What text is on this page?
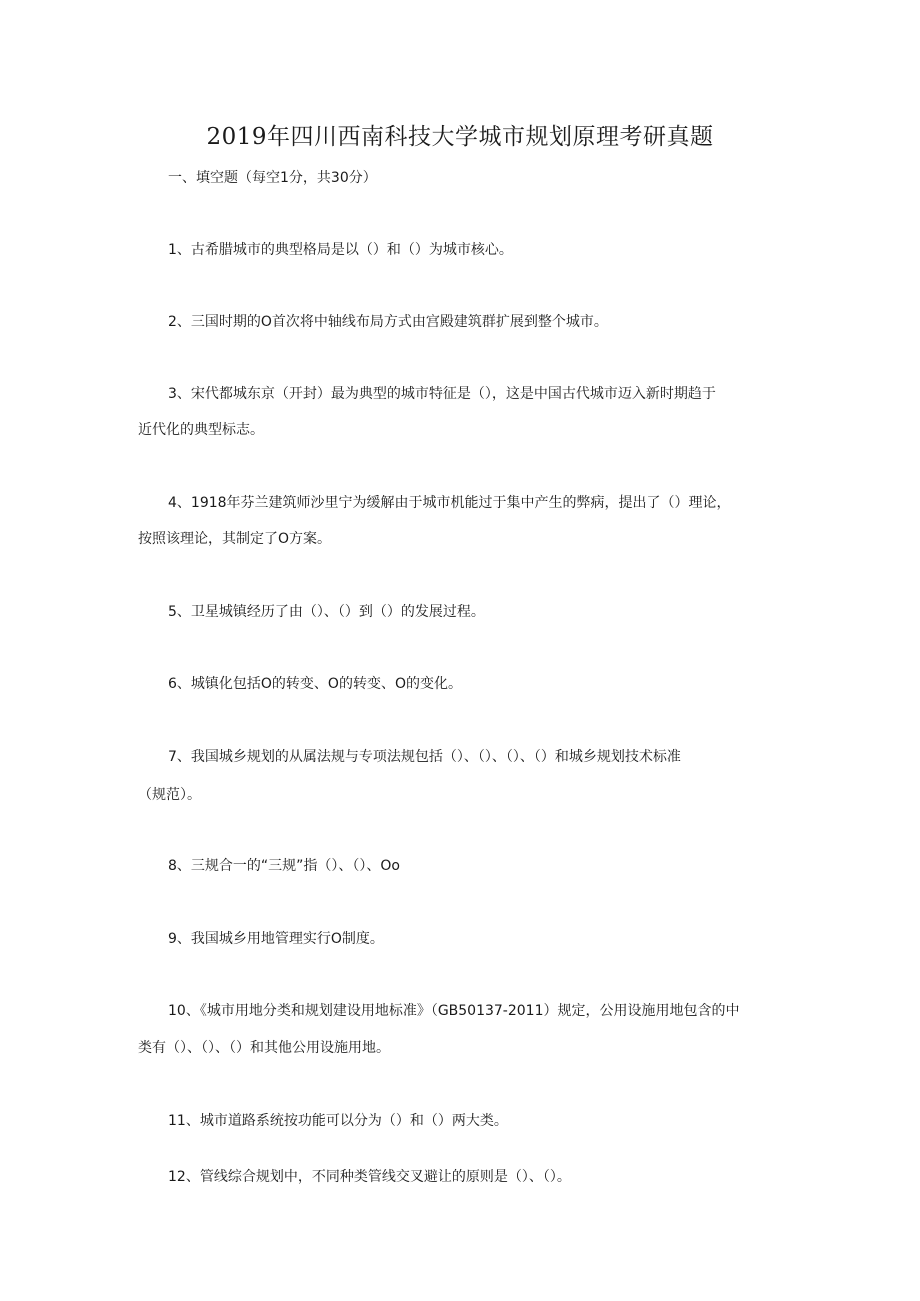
2019年四川西南科技大学城市规划原理考研真题
一、填空题（每空1分，共30分）
1、古希腊城市的典型格局是以（）和（）为城市核心。
2、三国时期的O首次将中轴线布局方式由宫殿建筑群扩展到整个城市。
3、宋代都城东京（开封）最为典型的城市特征是（），这是中国古代城市迈入新时期趋于
近代化的典型标志。
4、1918年芬兰建筑师沙里宁为缓解由于城市机能过于集中产生的弊病，提出了（）理论，
按照该理论，其制定了O方案。
5、卫星城镇经历了由（）、（）到（）的发展过程。
6、城镇化包括O的转变、O的转变、O的变化。
7、我国城乡规划的从属法规与专项法规包括（）、（）、（）、（）和城乡规划技术标准
（规范）。
8、三规合一的“三规”指（）、（）、Oo
9、我国城乡用地管理实行O制度。
10、《城市用地分类和规划建设用地标准》（GB50137-2011）规定，公用设施用地包含的中
类有（）、（）、（）和其他公用设施用地。
11、城市道路系统按功能可以分为（）和（）两大类。
12、管线综合规划中，不同种类管线交叉避让的原则是（）、（）。
